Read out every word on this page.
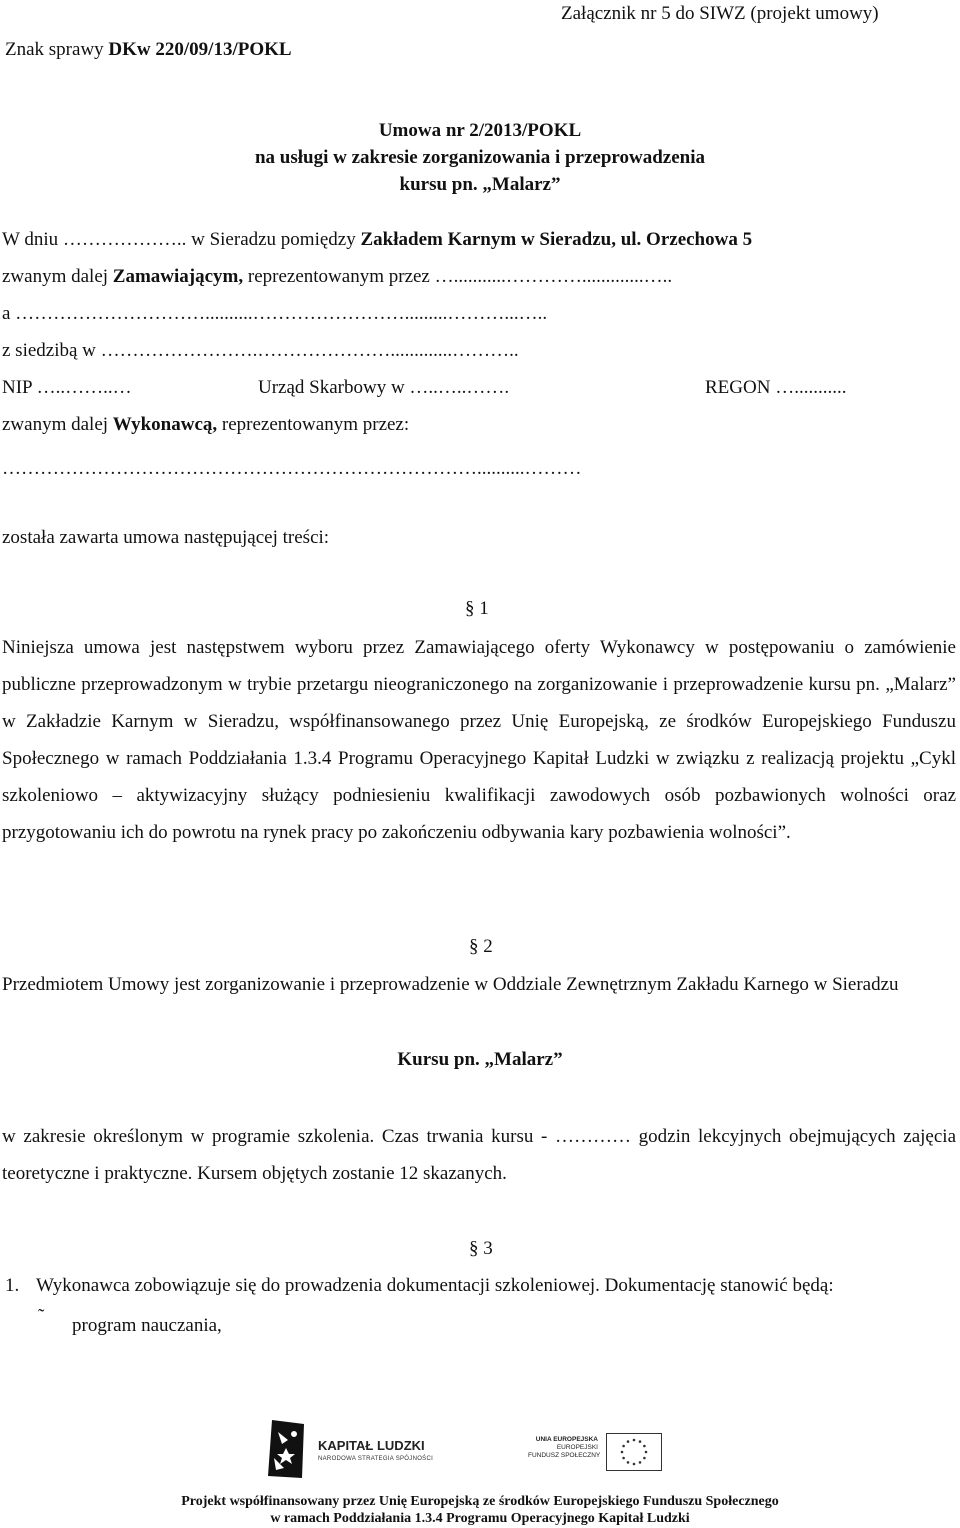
Załącznik nr 5 do SIWZ (projekt umowy)
Znak sprawy DKw 220/09/13/POKL
Umowa nr 2/2013/POKL
na usługi w zakresie zorganizowania i przeprowadzenia
kursu pn. „Malarz”
W dniu ……………….. w Sieradzu pomiędzy Zakładem Karnym w Sieradzu, ul. Orzechowa 5
zwanym dalej Zamawiającym, reprezentowanym przez …...........………….............…..
a …………………………..........…………………….........………...…..
z siedzibą w …………………….………………….............………..
NIP …..……..…	Urząd Skarbowy w …..…..…….	REGON …...........
zwanym dalej Wykonawcą, reprezentowanym przez:
…………………………………………………………………..........………
została zawarta umowa następującej treści:
§ 1
Niniejsza umowa jest następstwem wyboru przez Zamawiającego oferty Wykonawcy w postępowaniu o zamówienie publiczne przeprowadzonym w trybie przetargu nieograniczonego na zorganizowanie i przeprowadzenie kursu pn. „Malarz” w Zakładzie Karnym w Sieradzu, współfinansowanego przez Unię Europejską, ze środków Europejskiego Funduszu Społecznego w ramach Poddziałania 1.3.4 Programu Operacyjnego Kapitał Ludzki w związku z realizacją projektu „Cykl szkoleniowo – aktywizacyjny służący podniesieniu kwalifikacji zawodowych osób pozbawionych wolności oraz przygotowaniu ich do powrotu na rynek pracy po zakończeniu odbywania kary pozbawienia wolności”.
§ 2
Przedmiotem Umowy jest zorganizowanie i przeprowadzenie w Oddziale Zewnętrznym Zakładu Karnego w Sieradzu
Kursu pn. „Malarz”
w zakresie określonym w programie szkolenia. Czas trwania kursu - ………… godzin lekcyjnych obejmujących zajęcia teoretyczne i praktyczne. Kursem objętych zostanie 12 skazanych.
§ 3
1. Wykonawca zobowiązuje się do prowadzenia dokumentacji szkoleniowej. Dokumentację stanowić będą:
˜ program nauczania,
KAPITAŁ LUDZKI
NARODOWA STRATEGIA SPÓJNOŚCI
UNIA EUROPEJSKA
EUROPEJSKI
FUNDUSZ SPOŁECZNY
Projekt współfinansowany przez Unię Europejską ze środków Europejskiego Funduszu Społecznego
w ramach Poddziałania 1.3.4 Programu Operacyjnego Kapitał Ludzki
